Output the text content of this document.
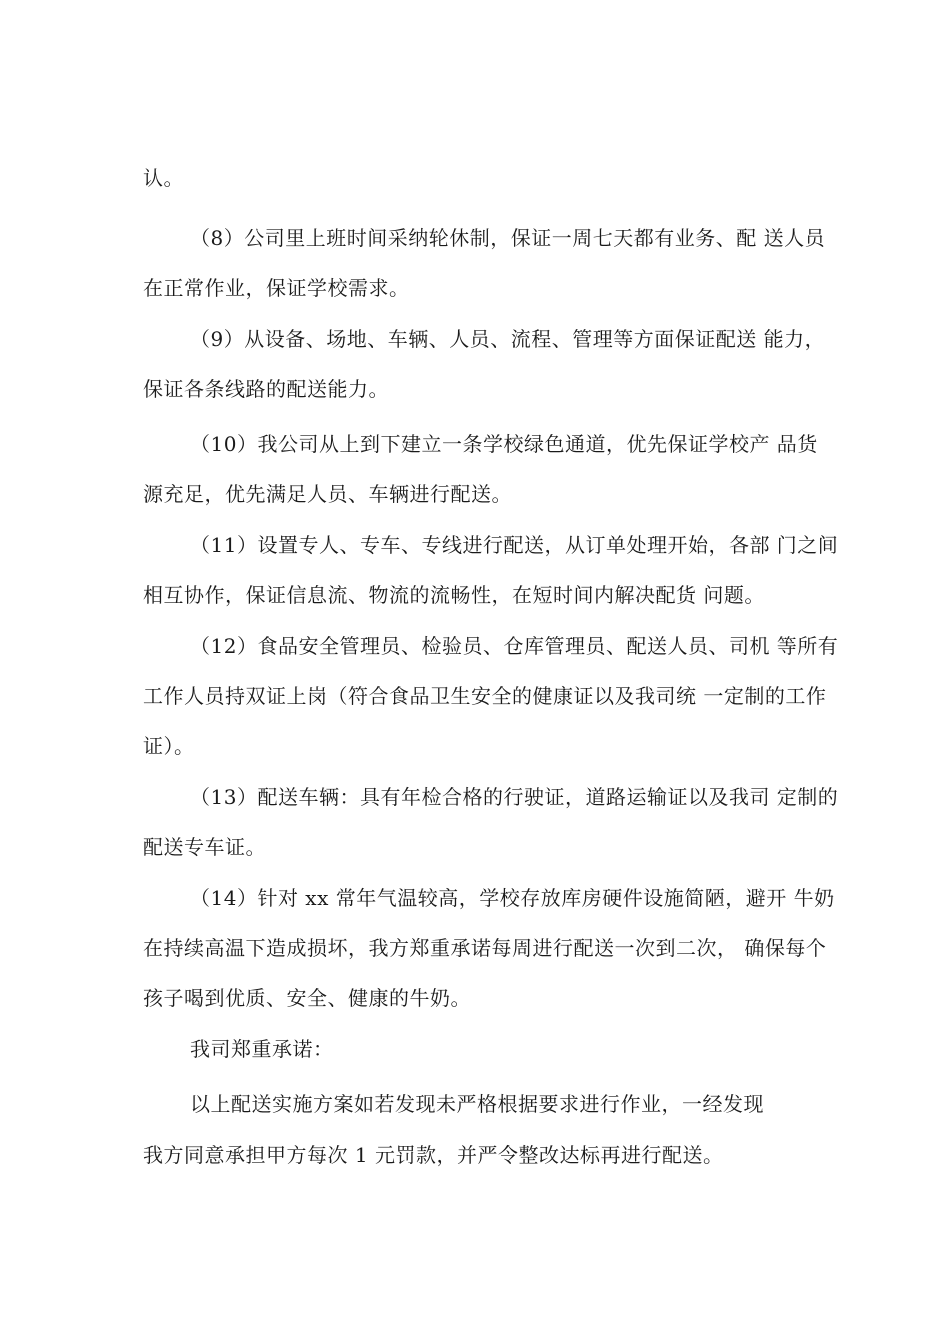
认。
（8）公司里上班时间采纳轮休制，保证一周七天都有业务、配 送人员
在正常作业，保证学校需求。
（9）从设备、场地、车辆、人员、流程、管理等方面保证配送 能力，
保证各条线路的配送能力。
（10）我公司从上到下建立一条学校绿色通道，优先保证学校产 品货
源充足，优先满足人员、车辆进行配送。
（11）设置专人、专车、专线进行配送，从订单处理开始，各部 门之间
相互协作，保证信息流、物流的流畅性，在短时间内解决配货 问题。
（12）食品安全管理员、检验员、仓库管理员、配送人员、司机 等所有
工作人员持双证上岗（符合食品卫生安全的健康证以及我司统 一定制的工作
证）。
（13）配送车辆：具有年检合格的行驶证，道路运输证以及我司 定制的
配送专车证。
（14）针对 xx 常年气温较高，学校存放库房硬件设施简陋，避开 牛奶
在持续高温下造成损坏，我方郑重承诺每周进行配送一次到二次， 确保每个
孩子喝到优质、安全、健康的牛奶。
我司郑重承诺：
以上配送实施方案如若发现未严格根据要求进行作业，一经发现
我方同意承担甲方每次 1 元罚款，并严令整改达标再进行配送。
